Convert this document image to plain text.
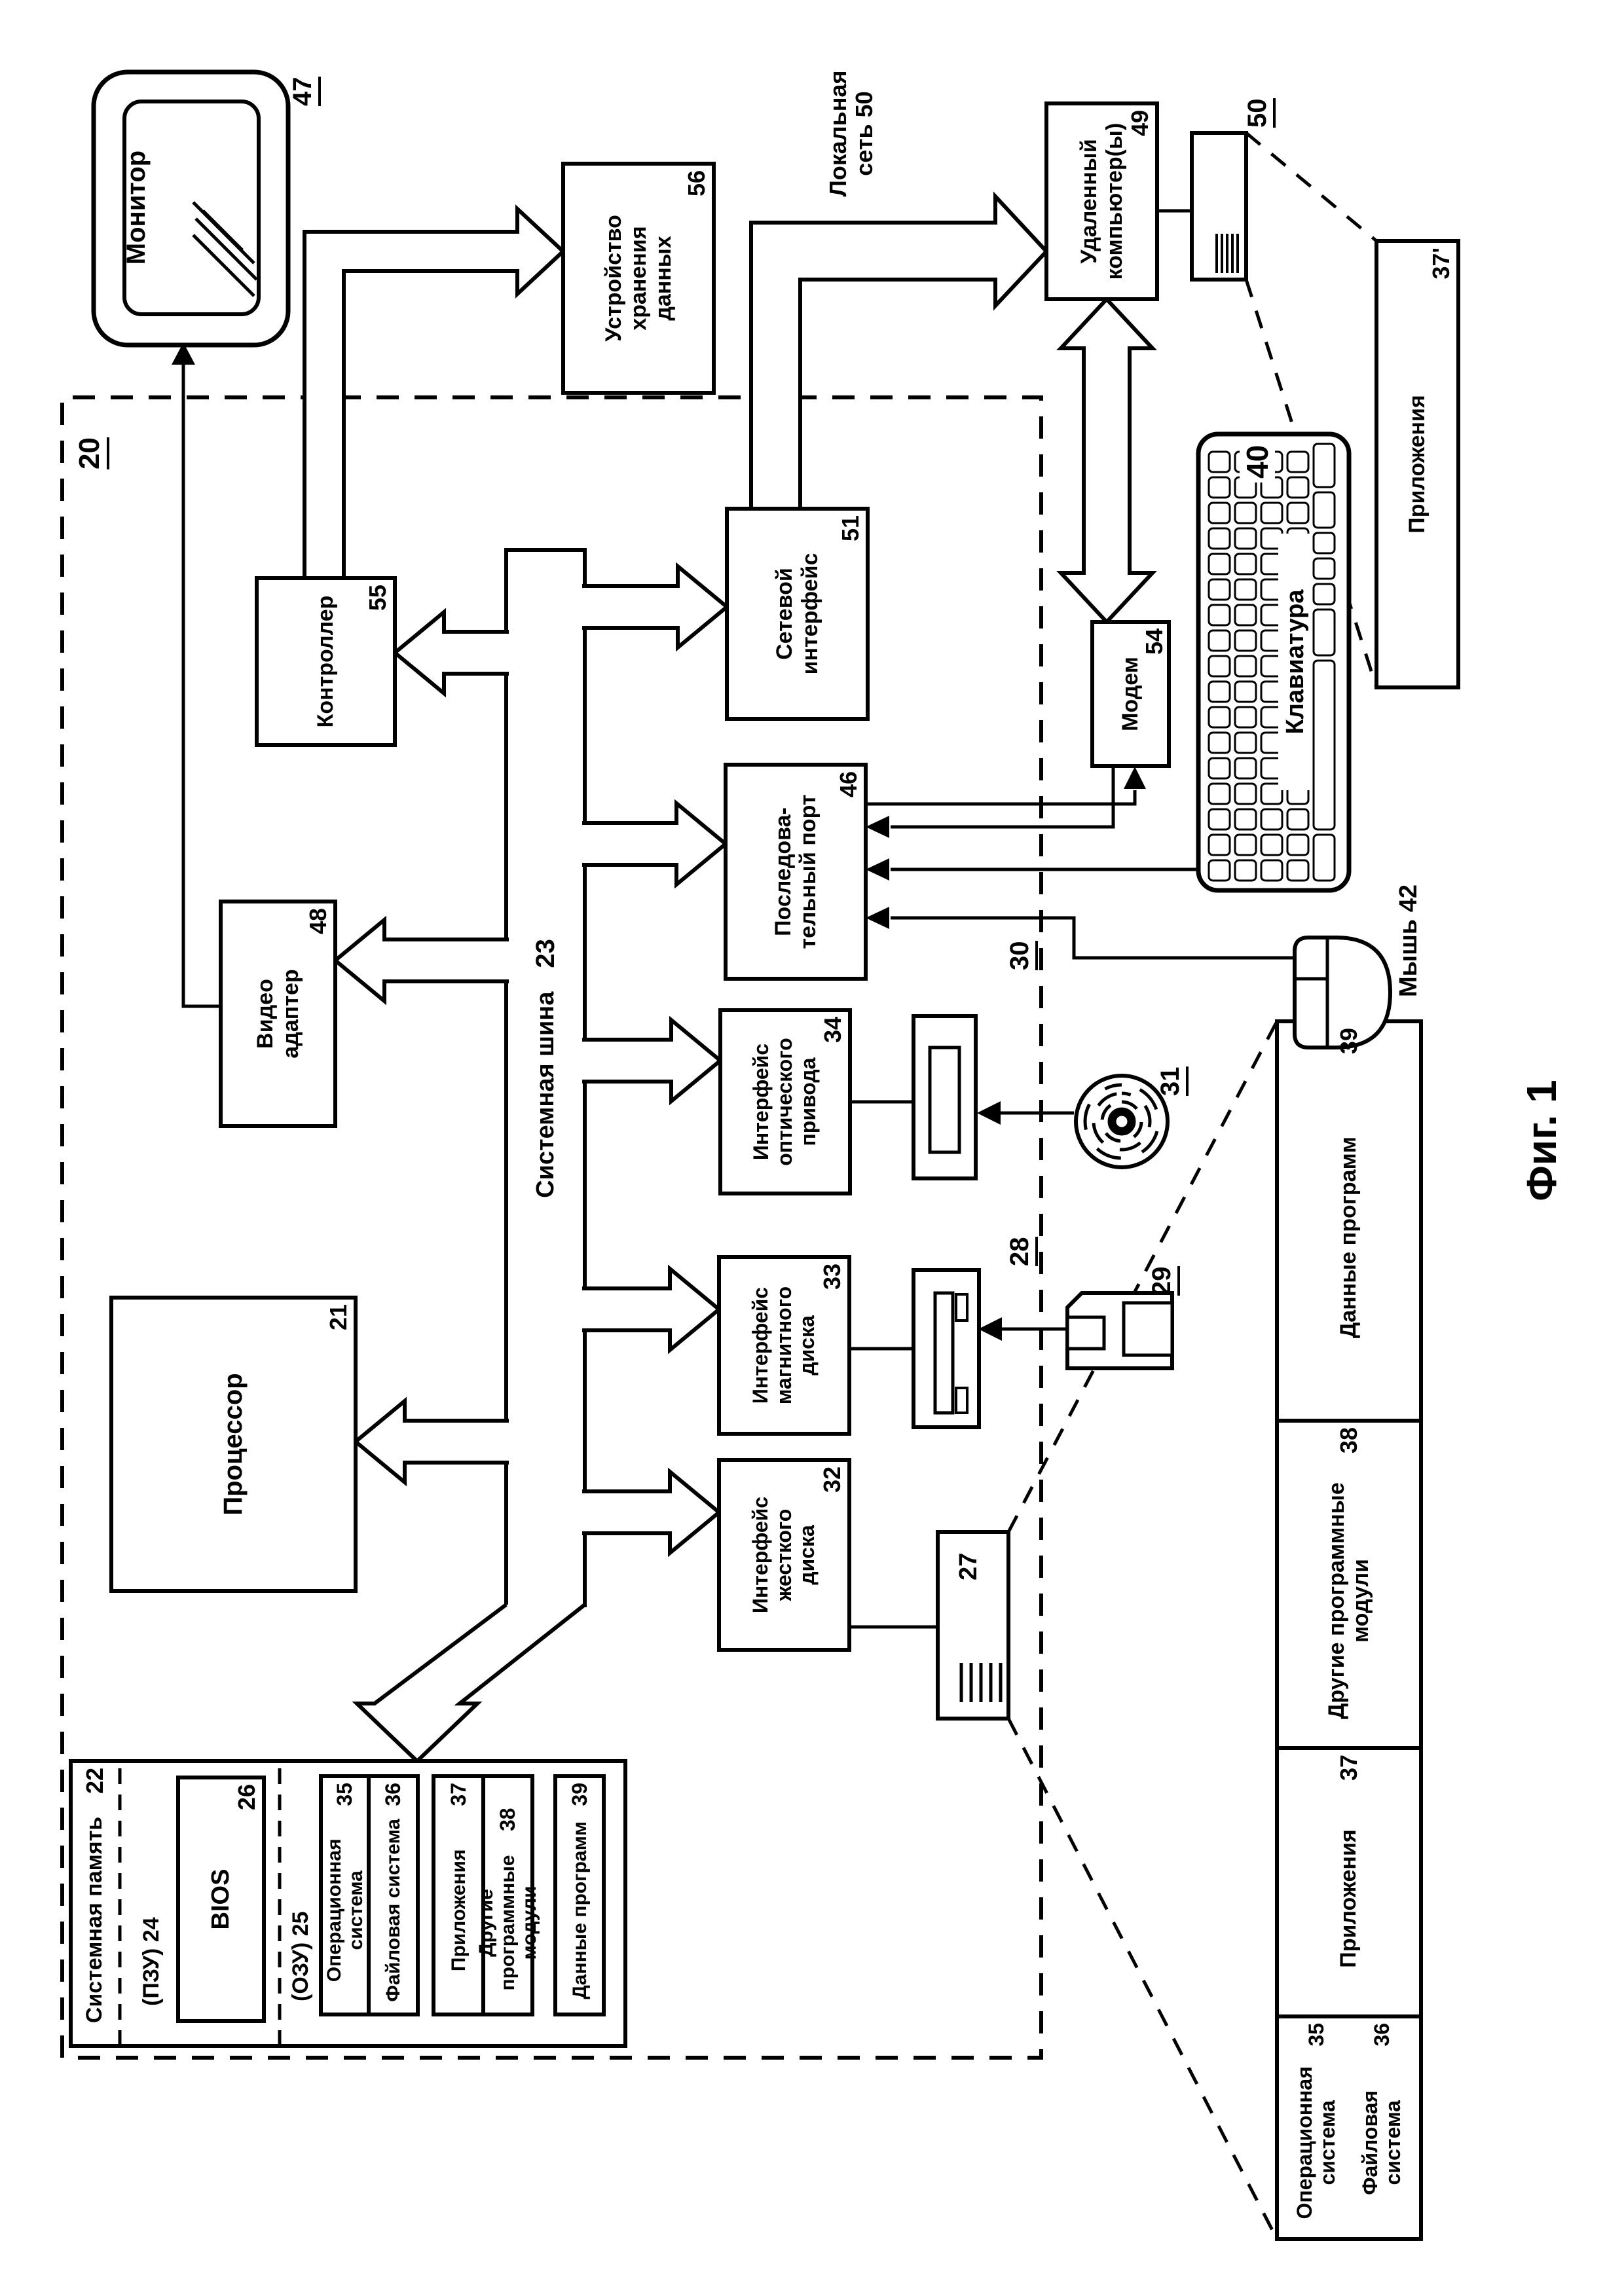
Монитор
47
Устройство хранения данных
56	Локальная сеть 50
Удаленный компьютер(ы) 49	50
Приложения
37'
Контроллер 55
Видео адаптер
48
Сетевой интерфейс
51
Последова- тельный порт
46
Модем
54	Клавиатура
40
Мышь 42
Системная шина
23
Процессор
21
Интерфейс оптического привода
34
Интерфейс магнитного диска
33
Интерфейс жесткого диска
32
30
31
28
29
27
20
Системная память
22
(ПЗУ) 24
BIOS
26
(ОЗУ) 25 Операционная система
35
Файловая система
36
Приложения
37
Другие программные модули
38
Данные программ
39
Операционная система
35
Файловая система
36
Приложения
37
Другие программные модули
38
Данные программ
39
Фиг. 1
